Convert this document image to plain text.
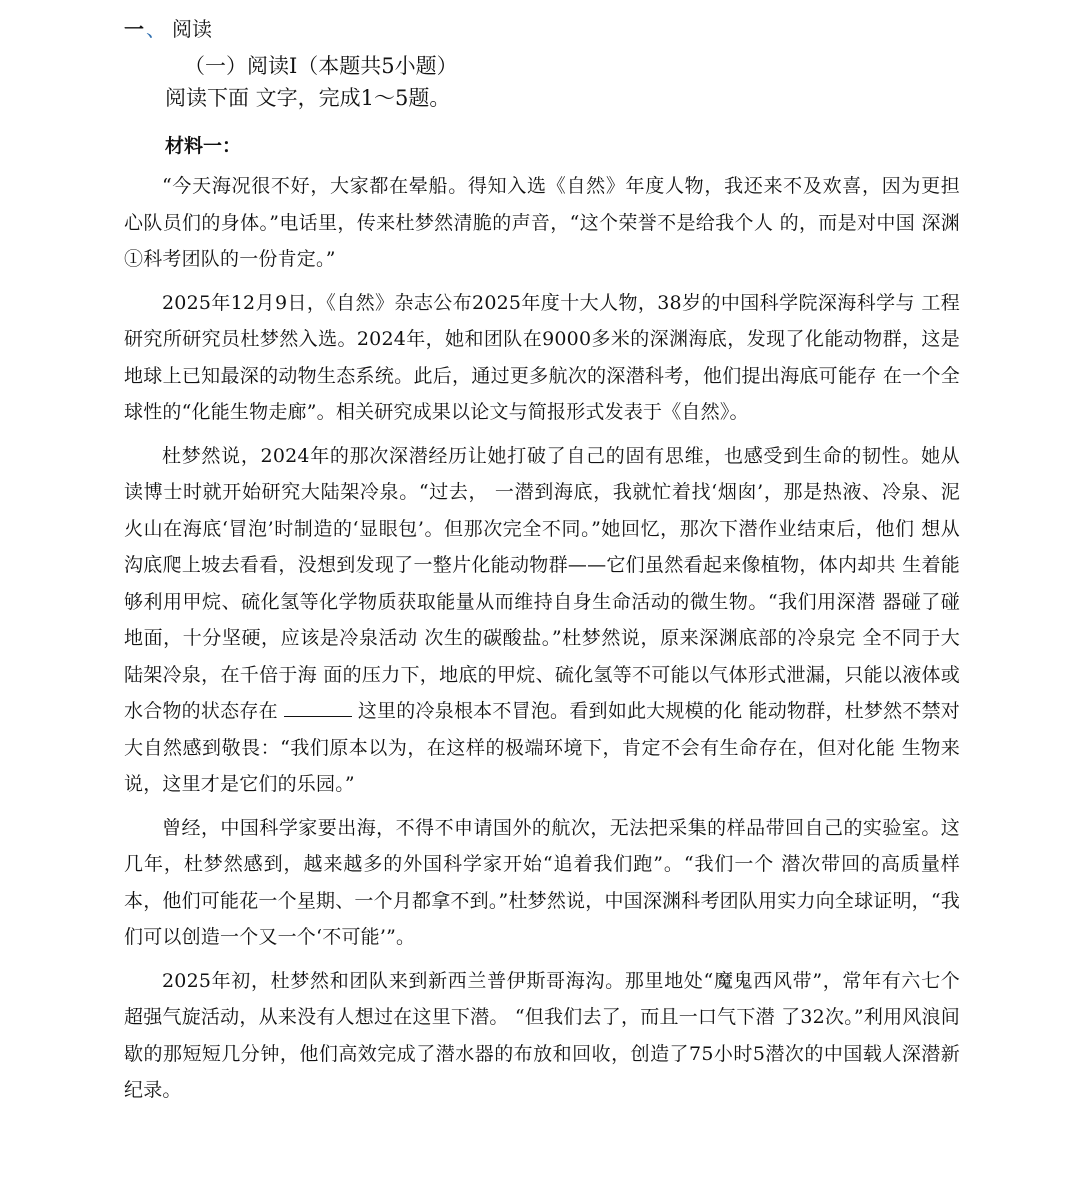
一 、 阅读
（一）阅读I（本题共5小题）
阅读下面 文字，完成1～5题。
材料一：

“今天海况很不好，大家都在晕船。得知入选《自然》年度人物，我还来不及欢喜，因为更担 心队员们的身体。”电话里，传来杜梦然清脆的声音，“这个荣誉不是给我个人 的，而是对中国 深渊①科考团队的一份肯定。”

2025年12月9日，《自然》杂志公布2025年度十大人物，38岁的中国科学院深海科学与 工程研究所研究员杜梦然入选。2024年，她和团队在9000多米的深渊海底，发现了化能动物群，这是地球上已知最深的动物生态系统。此后，通过更多航次的深潜科考，他们提出海底可能存 在一个全球性的“化能生物走廊”。相关研究成果以论文与简报形式发表于《自然》。

杜梦然说，2024年的那次深潜经历让她打破了自己的固有思维，也感受到生命的韧性。她从 读博士时就开始研究大陆架冷泉。“过去， 一潜到海底，我就忙着找‘烟囱’，那是热液、冷泉、泥 火山在海底‘冒泡’时制造的‘显眼包’。但那次完全不同。”她回忆，那次下潜作业结束后，他们 想从沟底爬上坡去看看，没想到发现了一整片化能动物群——它们虽然看起来像植物，体内却共 生着能够利用甲烷、硫化氢等化学物质获取能量从而维持自身生命活动的微生物。“我们用深潜 器碰了碰地面，十分坚硬，应该是冷泉活动 次生的碳酸盐。”杜梦然说，原来深渊底部的冷泉完 全不同于大陆架冷泉，在千倍于海 面的压力下，地底的甲烷、硫化氢等不可能以气体形式泄漏，只能以液体或水合物的状态存在	这里的冷泉根本不冒泡。看到如此大规模的化 能动物群，杜梦然不禁对大自然感到敬畏：“我们原本以为，在这样的极端环境下，肯定不会有生命存在，但对化能 生物来说，这里才是它们的乐园。”

曾经，中国科学家要出海，不得不申请国外的航次，无法把采集的样品带回自己的实验室。这几年，杜梦然感到，越来越多的外国科学家开始“追着我们跑”。“我们一个 潜次带回的高质量样本，他们可能花一个星期、一个月都拿不到。”杜梦然说，中国深渊科考团队用实力向全球证明，“我们可以创造一个又一个‘不可能’”。

2025年初，杜梦然和团队来到新西兰普伊斯哥海沟。那里地处“魔鬼西风带”，常年有六七个超强气旋活动，从来没有人想过在这里下潜。 “但我们去了，而且一口气下潜 了32次。”利用风浪间歇的那短短几分钟，他们高效完成了潜水器的布放和回收，创造了75小时5潜次的中国载人深潜新纪录。
